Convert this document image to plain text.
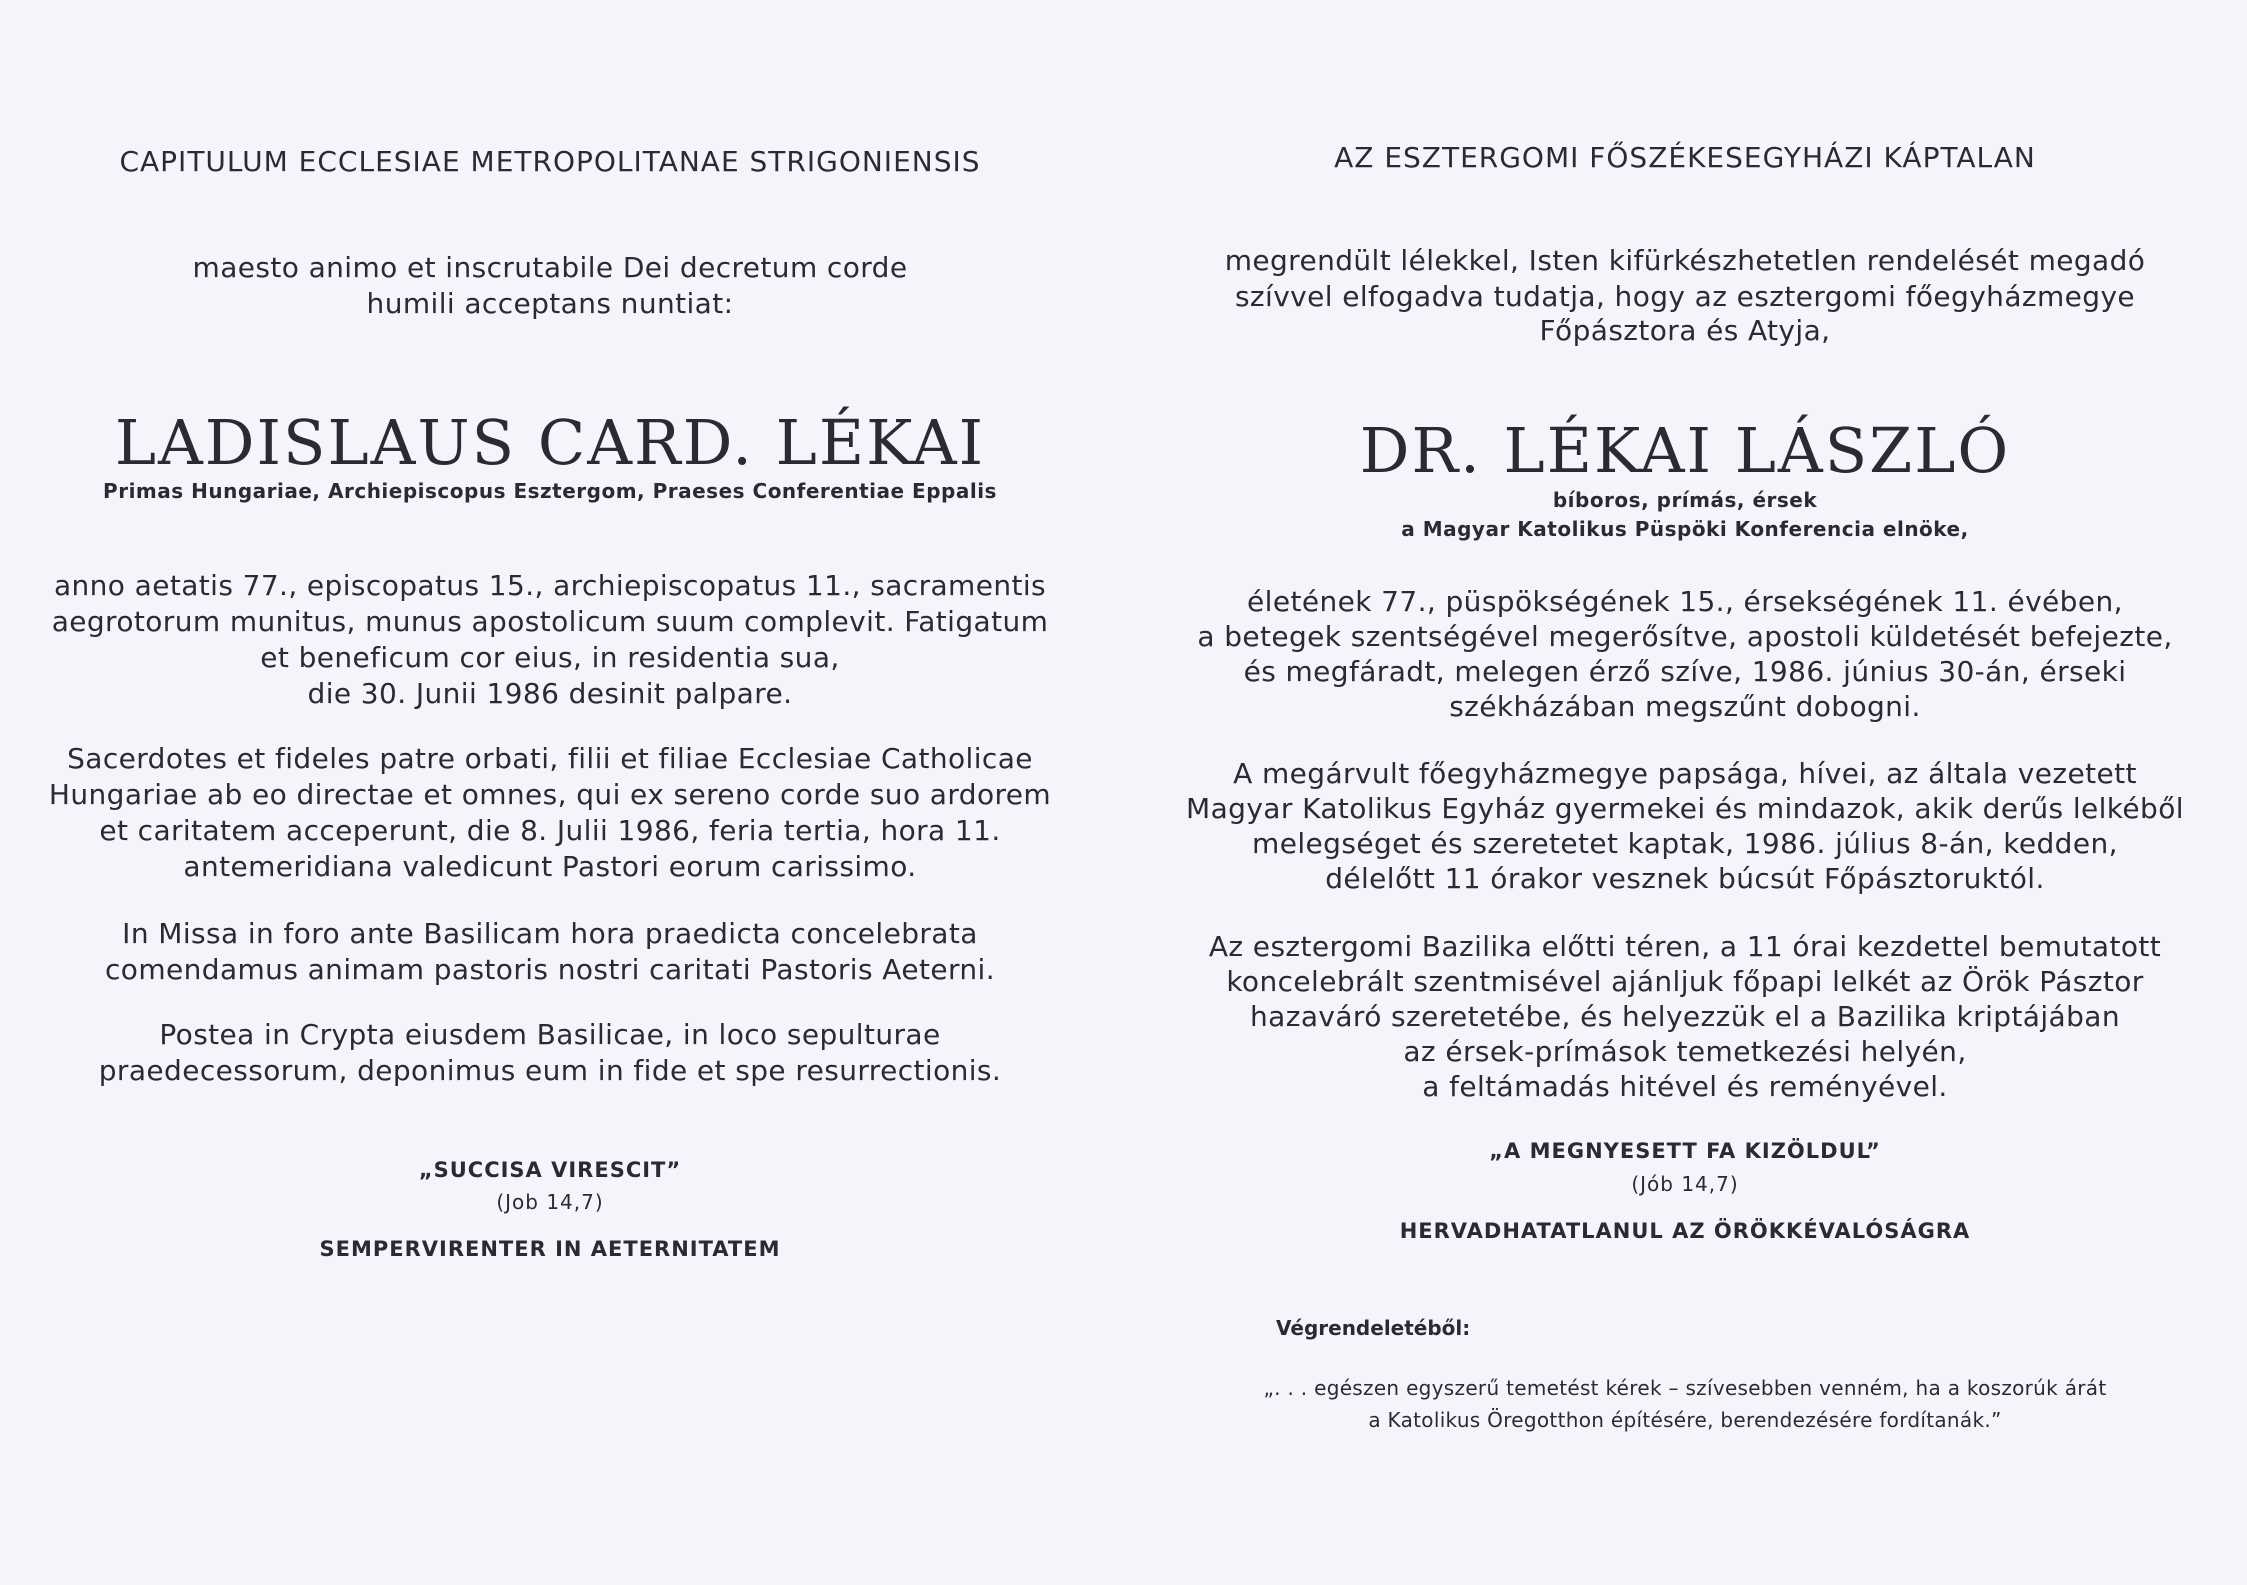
CAPITULUM ECCLESIAE METROPOLITANAE STRIGONIENSIS
maesto animo et inscrutabile Dei decretum corde
humili acceptans nuntiat:
LADISLAUS CARD. LÉKAI
Primas Hungariae, Archiepiscopus Esztergom, Praeses Conferentiae Eppalis
anno aetatis 77., episcopatus 15., archiepiscopatus 11., sacramentis
aegrotorum munitus, munus apostolicum suum complevit. Fatigatum
et beneficum cor eius, in residentia sua,
die 30. Junii 1986 desinit palpare.
Sacerdotes et fideles patre orbati, filii et filiae Ecclesiae Catholicae
Hungariae ab eo directae et omnes, qui ex sereno corde suo ardorem
et caritatem acceperunt, die 8. Julii 1986, feria tertia, hora 11.
antemeridiana valedicunt Pastori eorum carissimo.
In Missa in foro ante Basilicam hora praedicta concelebrata
comendamus animam pastoris nostri caritati Pastoris Aeterni.
Postea in Crypta eiusdem Basilicae, in loco sepulturae
praedecessorum, deponimus eum in fide et spe resurrectionis.
„SUCCISA VIRESCIT”
(Job 14,7)
SEMPERVIRENTER IN AETERNITATEM
AZ ESZTERGOMI FŐSZÉKESEGYHÁZI KÁPTALAN
megrendült lélekkel, Isten kifürkészhetetlen rendelését megadó
szívvel elfogadva tudatja, hogy az esztergomi főegyházmegye
Főpásztora és Atyja,
DR. LÉKAI LÁSZLÓ
bíboros, prímás, érsek
a Magyar Katolikus Püspöki Konferencia elnöke,
életének 77., püspökségének 15., érsekségének 11. évében,
a betegek szentségével megerősítve, apostoli küldetését befejezte,
és megfáradt, melegen érző szíve, 1986. június 30-án, érseki
székházában megszűnt dobogni.
A megárvult főegyházmegye papsága, hívei, az általa vezetett
Magyar Katolikus Egyház gyermekei és mindazok, akik derűs lelkéből
melegséget és szeretetet kaptak, 1986. július 8-án, kedden,
délelőtt 11 órakor vesznek búcsút Főpásztoruktól.
Az esztergomi Bazilika előtti téren, a 11 órai kezdettel bemutatott
koncelebrált szentmisével ajánljuk főpapi lelkét az Örök Pásztor
hazaváró szeretetébe, és helyezzük el a Bazilika kriptájában
az érsek-prímások temetkezési helyén,
a feltámadás hitével és reményével.
„A MEGNYESETT FA KIZÖLDUL”
(Jób 14,7)
HERVADHATATLANUL AZ ÖRÖKKÉVALÓSÁGRA
Végrendeletéből:
„. . . egészen egyszerű temetést kérek – szívesebben venném, ha a koszorúk árát
a Katolikus Öregotthon építésére, berendezésére fordítanák.”
